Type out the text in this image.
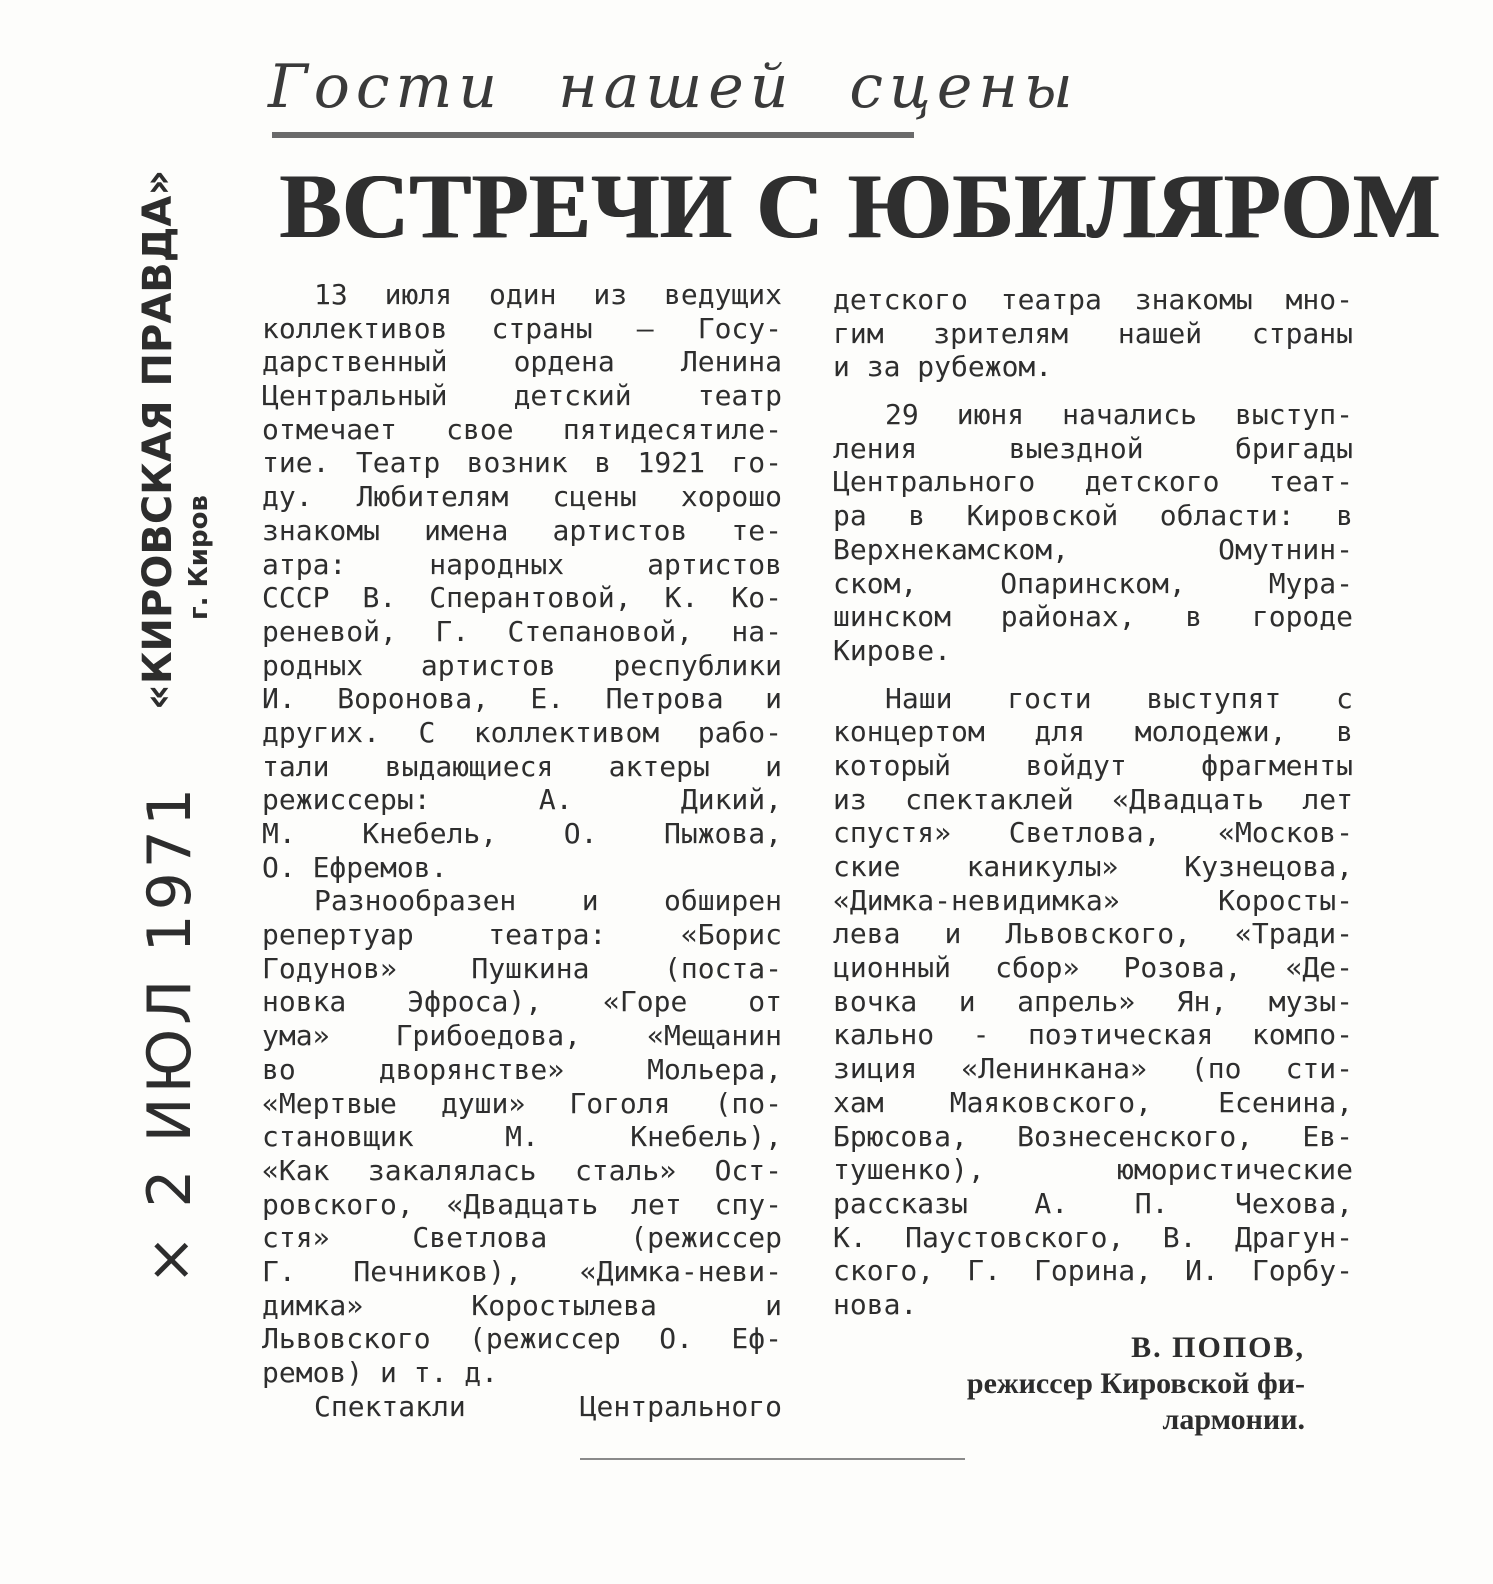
Гости нашей сцены
ВСТРЕЧИ С ЮБИЛЯРОМ
× 2 ИЮЛ 1971
«КИРОВСКАЯ ПРАВДА» г. Киров
13 июля один из ведущих
коллективов страны — Госу-
дарственный ордена Ленина
Центральный детский театр
отмечает свое пятидесятиле-
тие. Театр возник в 1921 го-
ду. Любителям сцены хорошо
знакомы имена артистов те-
атра: народных артистов
СССР В. Сперантовой, К. Ко-
реневой, Г. Степановой, на-
родных артистов республики
И. Воронова, Е. Петрова и
других. С коллективом рабо-
тали выдающиеся актеры и
режиссеры: А. Дикий,
М. Кнебель, О. Пыжова,
О. Ефремов.
Разнообразен и обширен
репертуар театра: «Борис
Годунов» Пушкина (поста-
новка Эфроса), «Горе от
ума» Грибоедова, «Мещанин
во дворянстве» Мольера,
«Мертвые души» Гоголя (по-
становщик М. Кнебель),
«Как закалялась сталь» Ост-
ровского, «Двадцать лет спу-
стя» Светлова (режиссер
Г. Печников), «Димка-неви-
димка» Коростылева и
Львовского (режиссер О. Еф-
ремов) и т. д.
Спектакли Центрального
детского театра знакомы мно-
гим зрителям нашей страны
и за рубежом.
29 июня начались выступ-
ления выездной бригады
Центрального детского теат-
ра в Кировской области: в
Верхнекамском, Омутнин-
ском, Опаринском, Мура-
шинском районах, в городе
Кирове.
Наши гости выступят с
концертом для молодежи, в
который войдут фрагменты
из спектаклей «Двадцать лет
спустя» Светлова, «Москов-
ские каникулы» Кузнецова,
«Димка-невидимка» Коросты-
лева и Львовского, «Тради-
ционный сбор» Розова, «Де-
вочка и апрель» Ян, музы-
кально - поэтическая компо-
зиция «Ленинкана» (по сти-
хам Маяковского, Есенина,
Брюсова, Вознесенского, Ев-
тушенко), юмористические
рассказы А. П. Чехова,
К. Паустовского, В. Драгун-
ского, Г. Горина, И. Горбу-
нова.
В. ПОПОВ,
режиссер Кировской фи-
лармонии.
